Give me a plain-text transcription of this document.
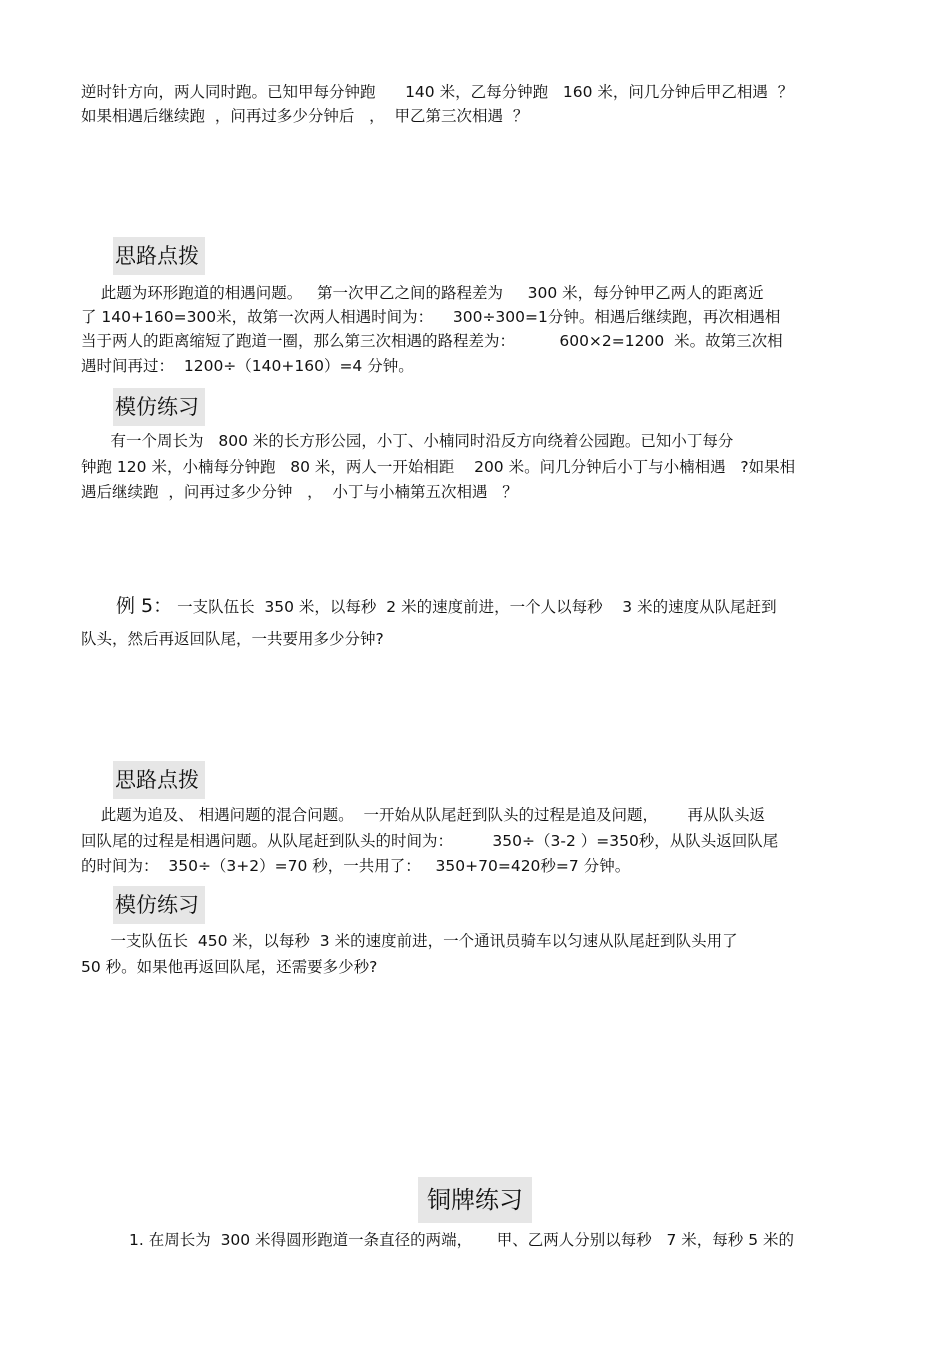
逆时针方向，两人同时跑。已知甲每分钟跑      140 米，乙每分钟跑   160 米，问几分钟后甲乙相遇  ？

如果相遇后继续跑  ，问再过多少分钟后   ，  甲乙第三次相遇  ？

思路点拨

此题为环形跑道的相遇问题。   第一次甲乙之间的路程差为     300 米，每分钟甲乙两人的距离近

了 140+160=300米，故第一次两人相遇时间为：    300÷300=1分钟。相遇后继续跑，再次相遇相

当于两人的距离缩短了跑道一圈，那么第三次相遇的路程差为：         600×2=1200  米。故第三次相

遇时间再过：  1200÷（140+160）=4 分钟。

模仿练习

有一个周长为   800 米的长方形公园，小丁、小楠同时沿反方向绕着公园跑。已知小丁每分

钟跑 120 米，小楠每分钟跑   80 米，两人一开始相距    200 米。问几分钟后小丁与小楠相遇   ?如果相

遇后继续跑  ，问再过多少分钟   ，  小丁与小楠第五次相遇   ？

例 5： 一支队伍长  350 米，以每秒  2 米的速度前进，一个人以每秒    3 米的速度从队尾赶到

队头，然后再返回队尾，一共要用多少分钟?

思路点拨

此题为追及、 相遇问题的混合问题。  一开始从队尾赶到队头的过程是追及问题，      再从队头返

回队尾的过程是相遇问题。从队尾赶到队头的时间为：        350÷（3-2 ）=350秒，从队头返回队尾

的时间为：  350÷（3+2）=70 秒，一共用了：   350+70=420秒=7 分钟。

模仿练习

一支队伍长  450 米，以每秒  3 米的速度前进，一个通讯员骑车以匀速从队尾赶到队头用了

50 秒。如果他再返回队尾，还需要多少秒?

铜牌练习

1. 在周长为  300 米得圆形跑道一条直径的两端，     甲、乙两人分别以每秒   7 米，每秒 5 米的
